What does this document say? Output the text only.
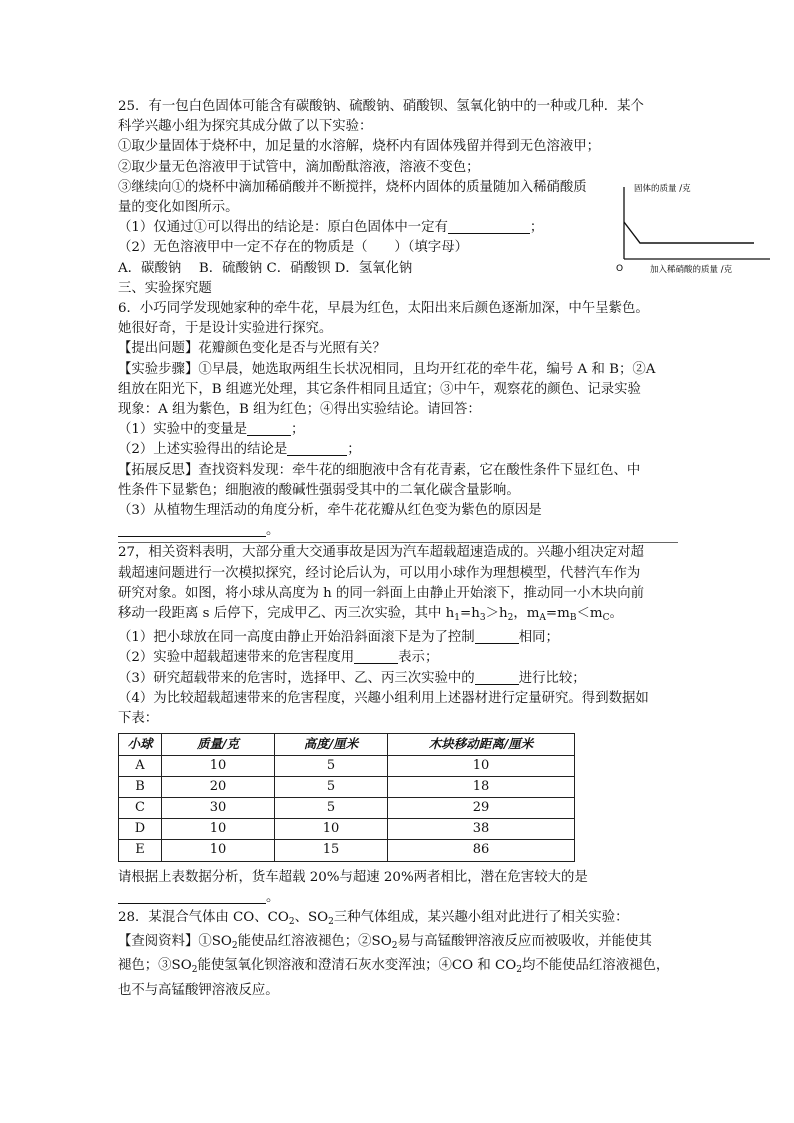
25．有一包白色固体可能含有碳酸钠、硫酸钠、硝酸钡、氢氧化钠中的一种或几种．某个
科学兴趣小组为探究其成分做了以下实验：
①取少量固体于烧杯中，加足量的水溶解，烧杯内有固体残留并得到无色溶液甲；
②取少量无色溶液甲于试管中，滴加酚酞溶液，溶液不变色；
③继续向①的烧杯中滴加稀硝酸并不断搅拌，烧杯内固体的质量随加入稀硝酸质
量的变化如图所示。
（1）仅通过①可以得出的结论是：原白色固体中一定有	；
（2）无色溶液甲中一定不存在的物质是（　　）（填字母）
A．碳酸钠　 B．硫酸钠 C．硝酸钡 D．氢氧化钠
三、实验探究题
6．小巧同学发现她家种的牵牛花，早晨为红色，太阳出来后颜色逐渐加深，中午呈紫色。
她很好奇，于是设计实验进行探究。
【提出问题】花瓣颜色变化是否与光照有关？
【实验步骤】①早晨，她选取两组生长状况相同，且均开红花的牵牛花，编号 A 和 B；②A
组放在阳光下，B 组遮光处理，其它条件相同且适宜；③中午，观察花的颜色、记录实验
现象：A 组为紫色，B 组为红色；④得出实验结论。请回答：
（1）实验中的变量是	；
（2）上述实验得出的结论是	；
【拓展反思】查找资料发现：牵牛花的细胞液中含有花青素，它在酸性条件下显红色、中
性条件下显紫色；细胞液的酸碱性强弱受其中的二氧化碳含量影响。
（3）从植物生理活动的角度分析，牵牛花花瓣从红色变为紫色的原因是
。
27，相关资料表明，大部分重大交通事故是因为汽车超载超速造成的。兴趣小组决定对超
载超速问题进行一次模拟探究，经讨论后认为，可以用小球作为理想模型，代替汽车作为
研究对象。如图，将小球从高度为 h 的同一斜面上由静止开始滚下，推动同一小木块向前
移动一段距离 s 后停下，完成甲乙、丙三次实验，其中 $h_1=h_3>h_2$，$m_A=m_B<m_C$。
（1）把小球放在同一高度由静止开始沿斜面滚下是为了控制	相同；
（2）实验中超载超速带来的危害程度用	表示；
（3）研究超载带来的危害时，选择甲、乙、丙三次实验中的	进行比较；
（4）为比较超载超速带来的危害程度，兴趣小组利用上述器材进行定量研究。得到数据如
下表：
小球	质量/克	高度/厘米	木块移动距离/厘米
A	10	5	10
B	20	5	18
C	30	5	29
D	10	10	38
E	10	15	86
请根据上表数据分析，货车超载 20%与超速 20%两者相比，潜在危害较大的是
。
28．某混合气体由 CO、$CO_2$、$SO_2$三种气体组成，某兴趣小组对此进行了相关实验：
【查阅资料】$①SO_2$能使品红溶液褪色；$②SO_2$易与高锰酸钾溶液反应而被吸收，并能使其
褪色；$③SO_2$能使氢氧化钡溶液和澄清石灰水变浑浊；④CO 和 $CO_2$均不能使品红溶液褪色，
也不与高锰酸钾溶液反应。
固体的质量 /克
O	加入稀硝酸的质量 /克
